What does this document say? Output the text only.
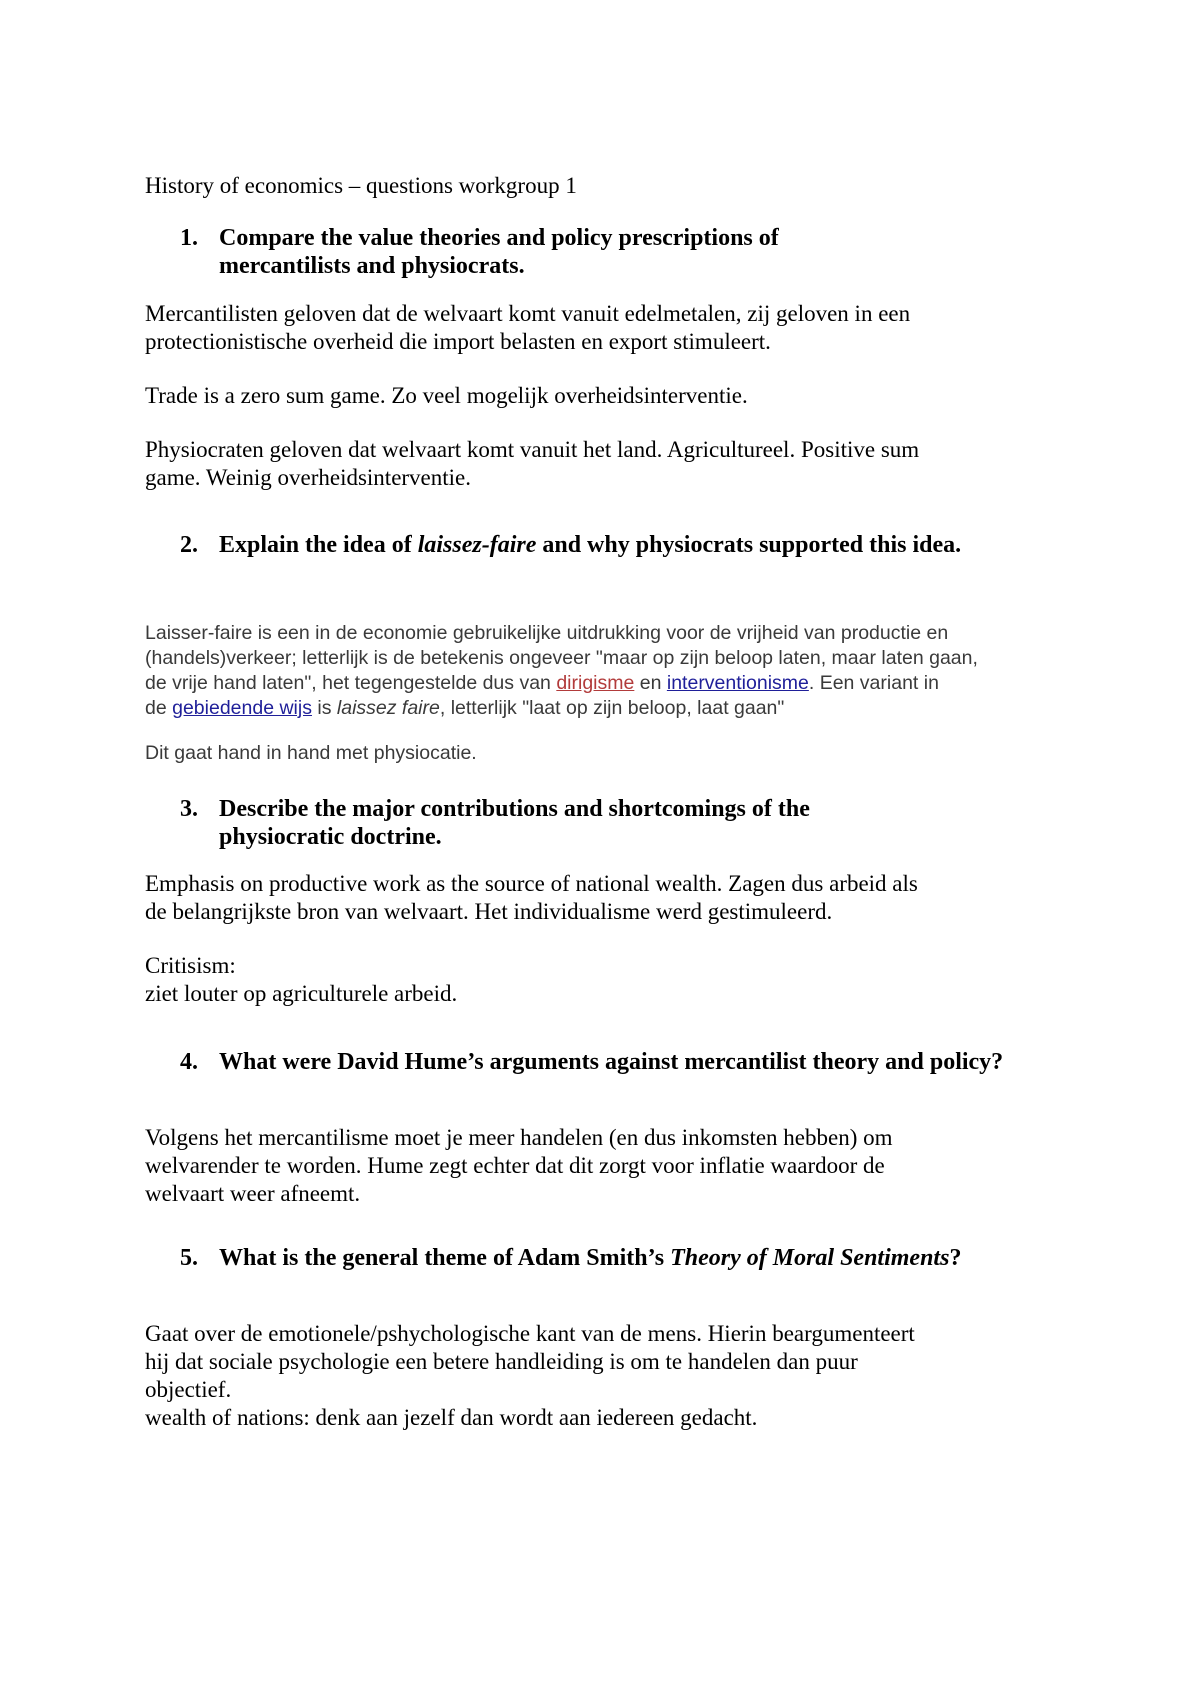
History of economics – questions workgroup 1
1. Compare the value theories and policy prescriptions of mercantilists and physiocrats.
Mercantilisten geloven dat de welvaart komt vanuit edelmetalen, zij geloven in een
protectionistische overheid die import belasten en export stimuleert.
Trade is a zero sum game. Zo veel mogelijk overheidsinterventie.
Physiocraten geloven dat welvaart komt vanuit het land. Agricultureel. Positive sum
game. Weinig overheidsinterventie.
2. Explain the idea of laissez-faire and why physiocrats supported this idea.
Laisser-faire is een in de economie gebruikelijke uitdrukking voor de vrijheid van productie en
(handels)verkeer; letterlijk is de betekenis ongeveer "maar op zijn beloop laten, maar laten gaan,
de vrije hand laten", het tegengestelde dus van dirigisme en interventionisme. Een variant in
de gebiedende wijs is laissez faire, letterlijk "laat op zijn beloop, laat gaan"
Dit gaat hand in hand met physiocatie.
3. Describe the major contributions and shortcomings of the physiocratic doctrine.
Emphasis on productive work as the source of national wealth. Zagen dus arbeid als
de belangrijkste bron van welvaart. Het individualisme werd gestimuleerd.
Critisism:
ziet louter op agriculturele arbeid.
4. What were David Hume’s arguments against mercantilist theory and policy?
Volgens het mercantilisme moet je meer handelen (en dus inkomsten hebben) om
welvarender te worden. Hume zegt echter dat dit zorgt voor inflatie waardoor de
welvaart weer afneemt.
5. What is the general theme of Adam Smith’s Theory of Moral Sentiments?
Gaat over de emotionele/pshychologische kant van de mens. Hierin beargumenteert
hij dat sociale psychologie een betere handleiding is om te handelen dan puur
objectief.
wealth of nations: denk aan jezelf dan wordt aan iedereen gedacht.
